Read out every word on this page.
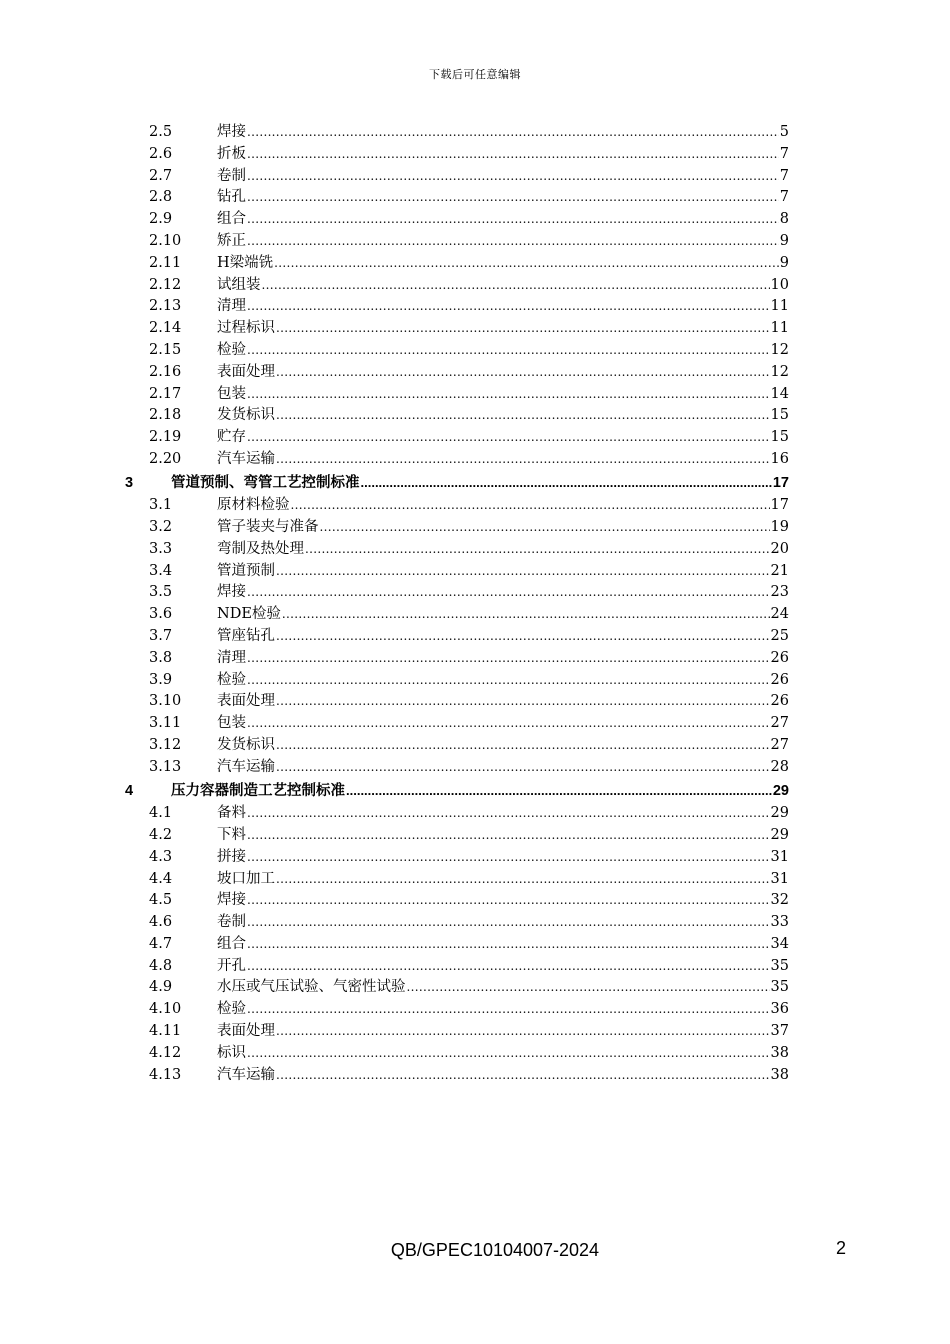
下载后可任意编辑
2.5	焊接 .....	5
2.6	折板 .....	7
2.7	卷制 .....	7
2.8	钻孔 .....	7
2.9	组合 .....	8
2.10	矫正 .....	9
2.11	H梁端铣 .....	9
2.12	试组装 .....	10
2.13	清理 .....	11
2.14	过程标识 .....	11
2.15	检验 .....	12
2.16	表面处理 .....	12
2.17	包装 .....	14
2.18	发货标识 .....	15
2.19	贮存 .....	15
2.20	汽车运输 .....	16
3	管道预制、弯管工艺控制标准 .....	17
3.1	原材料检验 .....	17
3.2	管子装夹与准备 .....	19
3.3	弯制及热处理 .....	20
3.4	管道预制 .....	21
3.5	焊接 .....	23
3.6	NDE检验 .....	24
3.7	管座钻孔 .....	25
3.8	清理 .....	26
3.9	检验 .....	26
3.10	表面处理 .....	26
3.11	包装 .....	27
3.12	发货标识 .....	27
3.13	汽车运输 .....	28
4	压力容器制造工艺控制标准 .....	29
4.1	备料 .....	29
4.2	下料 .....	29
4.3	拼接 .....	31
4.4	坡口加工 .....	31
4.5	焊接 .....	32
4.6	卷制 .....	33
4.7	组合 .....	34
4.8	开孔 .....	35
4.9	水压或气压试验、气密性试验 .....	35
4.10	检验 .....	36
4.11	表面处理 .....	37
4.12	标识 .....	38
4.13	汽车运输 .....	38
QB/GPEC10104007-2024	2
